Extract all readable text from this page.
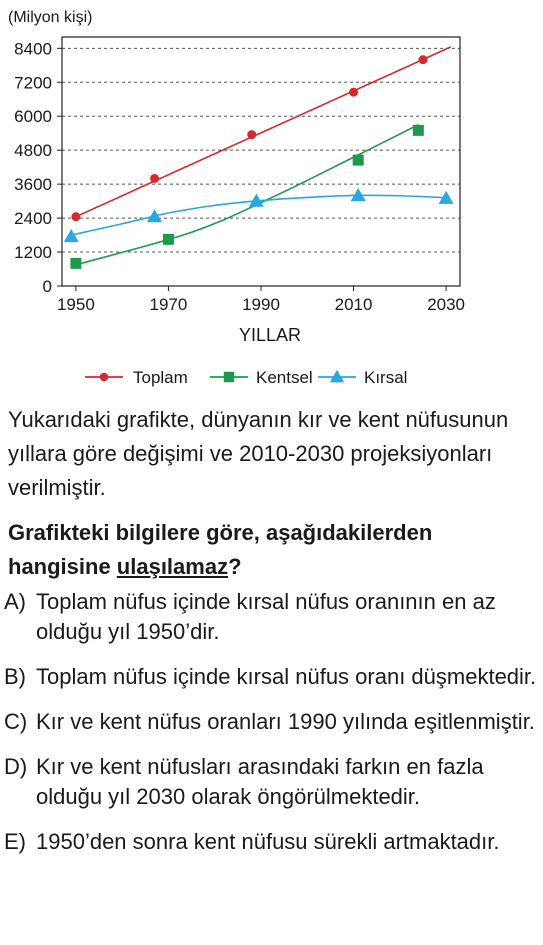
(Milyon kişi)
YILLAR
0
1200
2400
3600
4800
6000
7200
8400
1950	1970	1990	2010	2030
Toplam	Kentsel	Kırsal
Yukarıdaki grafikte, dünyanın kır ve kent nüfusunun yıllara göre değişimi ve 2010-2030 projeksiyonları verilmiştir.
Grafikteki bilgilere göre, aşağıdakilerden hangisine ulaşılamaz?
A) Toplam nüfus içinde kırsal nüfus oranının en az olduğu yıl 1950’dir.
B) Toplam nüfus içinde kırsal nüfus oranı düşmektedir.
C) Kır ve kent nüfus oranları 1990 yılında eşitlenmiştir.
D) Kır ve kent nüfusları arasındaki farkın en fazla olduğu yıl 2030 olarak öngörülmektedir.
E) 1950’den sonra kent nüfusu sürekli artmaktadır.
